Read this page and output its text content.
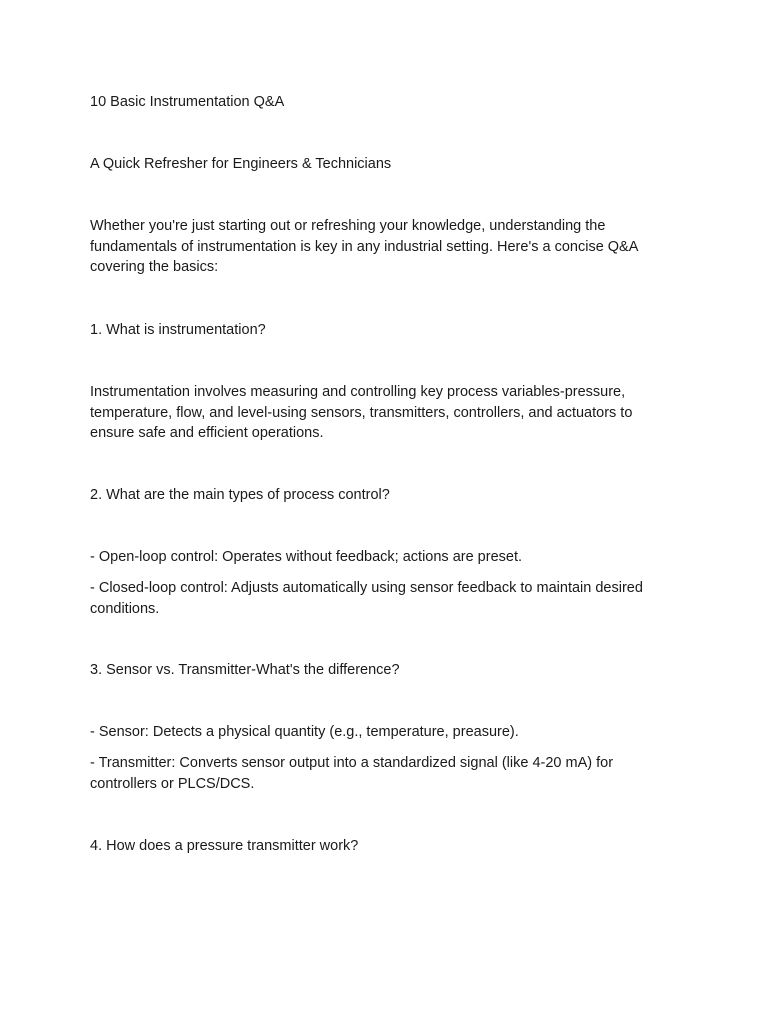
10 Basic Instrumentation Q&A

A Quick Refresher for Engineers & Technicians

Whether you're just starting out or refreshing your knowledge, understanding the fundamentals of instrumentation is key in any industrial setting. Here's a concise Q&A covering the basics:

1. What is instrumentation?

Instrumentation involves measuring and controlling key process variables-pressure, temperature, flow, and level-using sensors, transmitters, controllers, and actuators to ensure safe and efficient operations.

2. What are the main types of process control?

- Open-loop control: Operates without feedback; actions are preset.

- Closed-loop control: Adjusts automatically using sensor feedback to maintain desired conditions.

3. Sensor vs. Transmitter-What's the difference?

- Sensor: Detects a physical quantity (e.g., temperature, preasure).

- Transmitter: Converts sensor output into a standardized signal (like 4-20 mA) for controllers or PLCS/DCS.

4. How does a pressure transmitter work?
